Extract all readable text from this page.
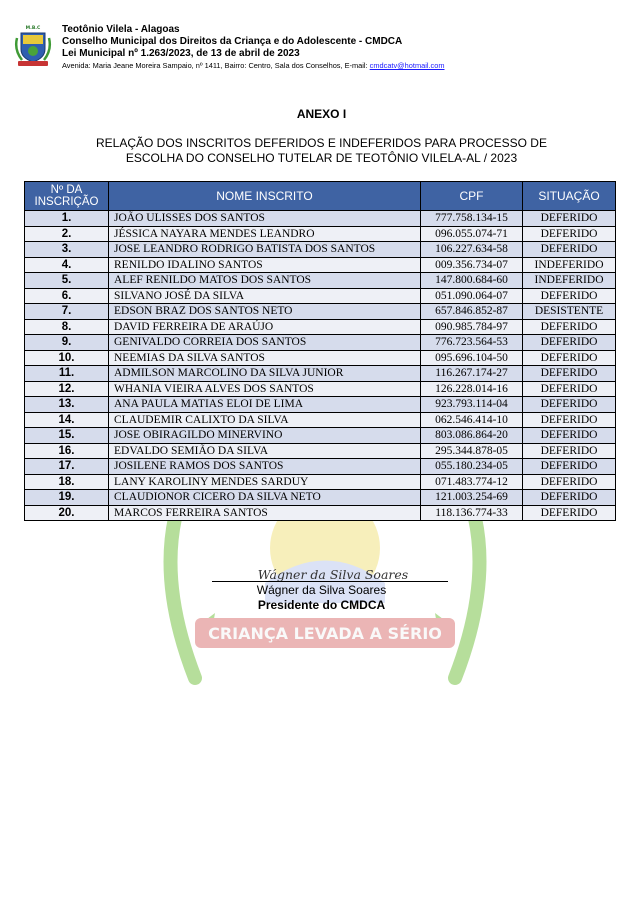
M.B.C Teotônio Vilela - Alagoas
Conselho Municipal dos Direitos da Criança e do Adolescente - CMDCA
Lei Municipal nº 1.263/2023, de 13 de abril de 2023
Avenida: Maria Jeane Moreira Sampaio, nº 1411, Bairro: Centro, Sala dos Conselhos, E-mail: cmdcatv@hotmail.com
CRIANÇA LEVADA A SÉRIO
ANEXO I
RELAÇÃO DOS INSCRITOS DEFERIDOS E INDEFERIDOS PARA PROCESSO DE
ESCOLHA DO CONSELHO TUTELAR DE TEOTÔNIO VILELA-AL / 2023
Nº DA
INSCRIÇÃO	NOME INSCRITO	CPF	SITUAÇÃO
1.	JOÃO ULISSES DOS SANTOS	777.758.134-15	DEFERIDO
2.	JÉSSICA NAYARA MENDES LEANDRO	096.055.074-71	DEFERIDO
3.	JOSE LEANDRO RODRIGO BATISTA DOS SANTOS	106.227.634-58	DEFERIDO
4.	RENILDO IDALINO SANTOS	009.356.734-07	INDEFERIDO
5.	ALEF RENILDO MATOS DOS SANTOS	147.800.684-60	INDEFERIDO
6.	SILVANO JOSÉ DA SILVA	051.090.064-07	DEFERIDO
7.	EDSON BRAZ DOS SANTOS NETO	657.846.852-87	DESISTENTE
8.	DAVID FERREIRA DE ARAÚJO	090.985.784-97	DEFERIDO
9.	GENIVALDO CORREIA DOS SANTOS	776.723.564-53	DEFERIDO
10.	NEEMIAS DA SILVA SANTOS	095.696.104-50	DEFERIDO
11.	ADMILSON MARCOLINO DA SILVA JUNIOR	116.267.174-27	DEFERIDO
12.	WHANIA VIEIRA ALVES DOS SANTOS	126.228.014-16	DEFERIDO
13.	ANA PAULA MATIAS ELOI DE LIMA	923.793.114-04	DEFERIDO
14.	CLAUDEMIR CALIXTO DA SILVA	062.546.414-10	DEFERIDO
15.	JOSE OBIRAGILDO MINERVINO	803.086.864-20	DEFERIDO
16.	EDVALDO SEMIÃO DA SILVA	295.344.878-05	DEFERIDO
17.	JOSILENE RAMOS DOS SANTOS	055.180.234-05	DEFERIDO
18.	LANY KAROLINY MENDES SARDUY	071.483.774-12	DEFERIDO
19.	CLAUDIONOR CICERO DA SILVA NETO	121.003.254-69	DEFERIDO
20.	MARCOS FERREIRA SANTOS	118.136.774-33	DEFERIDO
Wágner da Silva Soares
Wágner da Silva Soares
Presidente do CMDCA
